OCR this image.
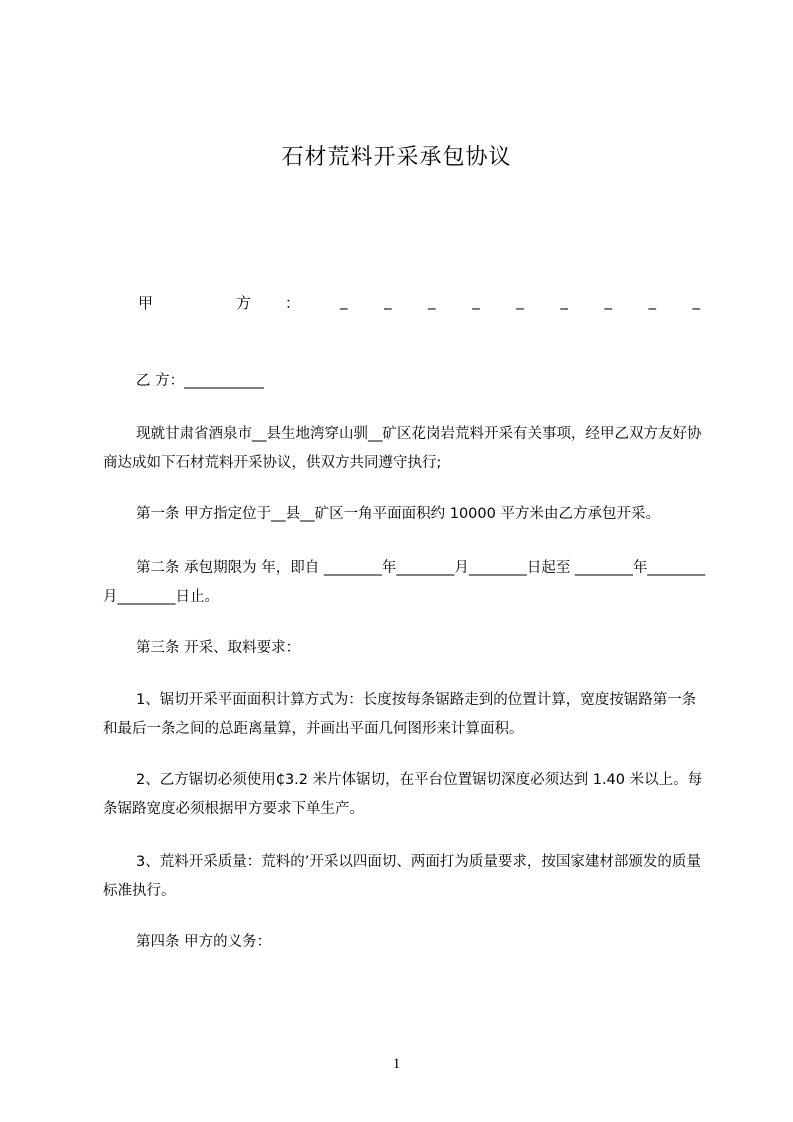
石材荒料开采承包协议
甲	方 ：	_ _ _ _ _ _ _ _ _
乙 方：___________
现就甘肃省酒泉市__县生地湾穿山驯__矿区花岗岩荒料开采有关事项，经甲乙双方友好协商达成如下石材荒料开采协议，供双方共同遵守执行;
第一条 甲方指定位于__县__矿区一角平面面积约 10000 平方米由乙方承包开采。
第二条 承包期限为 年，即自 ________年________月________日起至 ________年________月________日止。
第三条 开采、取料要求：
1、锯切开采平面面积计算方式为：长度按每条锯路走到的位置计算，宽度按锯路第一条和最后一条之间的总距离量算，并画出平面几何图形来计算面积。
2、乙方锯切必须使用₵3.2 米片体锯切，在平台位置锯切深度必须达到 1.40 米以上。每条锯路宽度必须根据甲方要求下单生产。
3、荒料开采质量：荒料的’开采以四面切、两面打为质量要求，按国家建材部颁发的质量标准执行。
第四条 甲方的义务：
1
